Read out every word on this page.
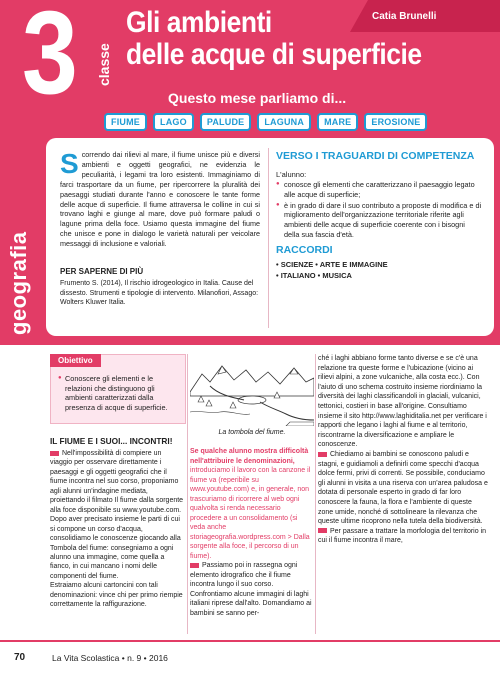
3 classe
Catia Brunelli
Gli ambienti
delle acque di superficie
Questo mese parliamo di...
FIUME	LAGO	PALUDE	LAGUNA	MARE	EROSIONE
geografia
Scorrendo dai rilievi al mare, il fiume unisce più e diversi ambienti e oggetti geografici, ne evidenzia le peculiarità, i legami tra loro esistenti. Immaginiamo di farci trasportare da un fiume, per ripercorrere la pluralità dei paesaggi studiati durante l'anno e conoscere le tante forme delle acque di superficie. Il fiume attraversa le colline in cui si trovano laghi e giunge al mare, dove può formare paludi o lagune prima della foce. Usiamo questa immagine del fiume che unisce e pone in dialogo le varietà naturali per veicolare messaggi di inclusione e valoriali.
PER SAPERNE DI PIÙ
Frumento S. (2014), Il rischio idrogeologico in Italia. Cause del dissesto. Strumenti e tipologie di intervento. Milanofiori, Assago: Wolters Kluwer Italia.
VERSO I TRAGUARDI DI COMPETENZA
L'alunno:
● conosce gli elementi che caratterizzano il paesaggio legato alle acque di superficie;
● è in grado di dare il suo contributo a proposte di modifica e di miglioramento dell'organizzazione territoriale riferite agli ambienti delle acque di superficie coerente con i bisogni della sua fascia d'età.
RACCORDI
• SCIENZE • ARTE E IMMAGINE
• ITALIANO • MUSICA
Obiettivo
● Conoscere gli elementi e le relazioni che distinguono gli ambienti caratterizzati dalla presenza di acque di superficie.
IL FIUME E I SUOI... INCONTRI!

Nell'impossibilità di compiere un viaggio per osservare direttamente i paesaggi e gli oggetti geografici che il fiume incontra nel suo corso, proponiamo agli alunni un'indagine mediata, proiettando il filmato Il fiume dalla sorgente alla foce disponibile su www.youtube.com.

Dopo aver precisato insieme le parti di cui si compone un corso d'acqua, consolidiamo le conoscenze giocando alla Tombola del fiume: consegniamo a ogni alunno una immagine, come quella a fianco, in cui mancano i nomi delle componenti del fiume.

Estraiamo alcuni cartoncini con tali denominazioni: vince chi per primo riempie correttamente la raffigurazione.

La tombola del fiume.

Se qualche alunno mostra difficoltà nell'attribuire le denominazioni, introduciamo il lavoro con la canzone il fiume va (reperibile su www.youtube.com) e, in generale, non trascuriamo di ricorrere al web ogni qualvolta si renda necessario procedere a un consolidamento (si veda anche storiageografia.wordpress.com > Dalla sorgente alla foce, il percorso di un fiume).

Passiamo poi in rassegna ogni elemento idrografico che il fiume incontra lungo il suo corso. Confrontiamo alcune immagini di laghi italiani riprese dall'alto. Domandiamo ai bambini se sanno per-

ché i laghi abbiano forme tanto diverse e se c'è una relazione tra queste forme e l'ubicazione (vicino ai rilievi alpini, a zone vulcaniche, alla costa ecc.). Con l'aiuto di uno schema costruito insieme riordiniamo la diversità dei laghi classificandoli in glaciali, vulcanici, tettonici, costieri in base all'origine. Consultiamo insieme il sito http://www.laghiditalia.net per verificare i rapporti che legano i laghi al fiume e al territorio, riscontrarne la diversificazione e ampliare le conoscenze.

Chiediamo ai bambini se conoscono paludi e stagni, e guidiamoli a definirli come specchi d'acqua dolce fermi, privi di correnti. Se possibile, conduciamo gli alunni in visita a una riserva con un'area paludosa e dotata di personale esperto in grado di far loro conoscere la fauna, la flora e l'ambiente di queste zone umide, nonché di sottolineare la rilevanza che queste ultime ricoprono nella tutela della biodiversità.

Per passare a trattare la morfologia del territorio in cui il fiume incontra il mare,

70	La Vita Scolastica • n. 9 • 2016
